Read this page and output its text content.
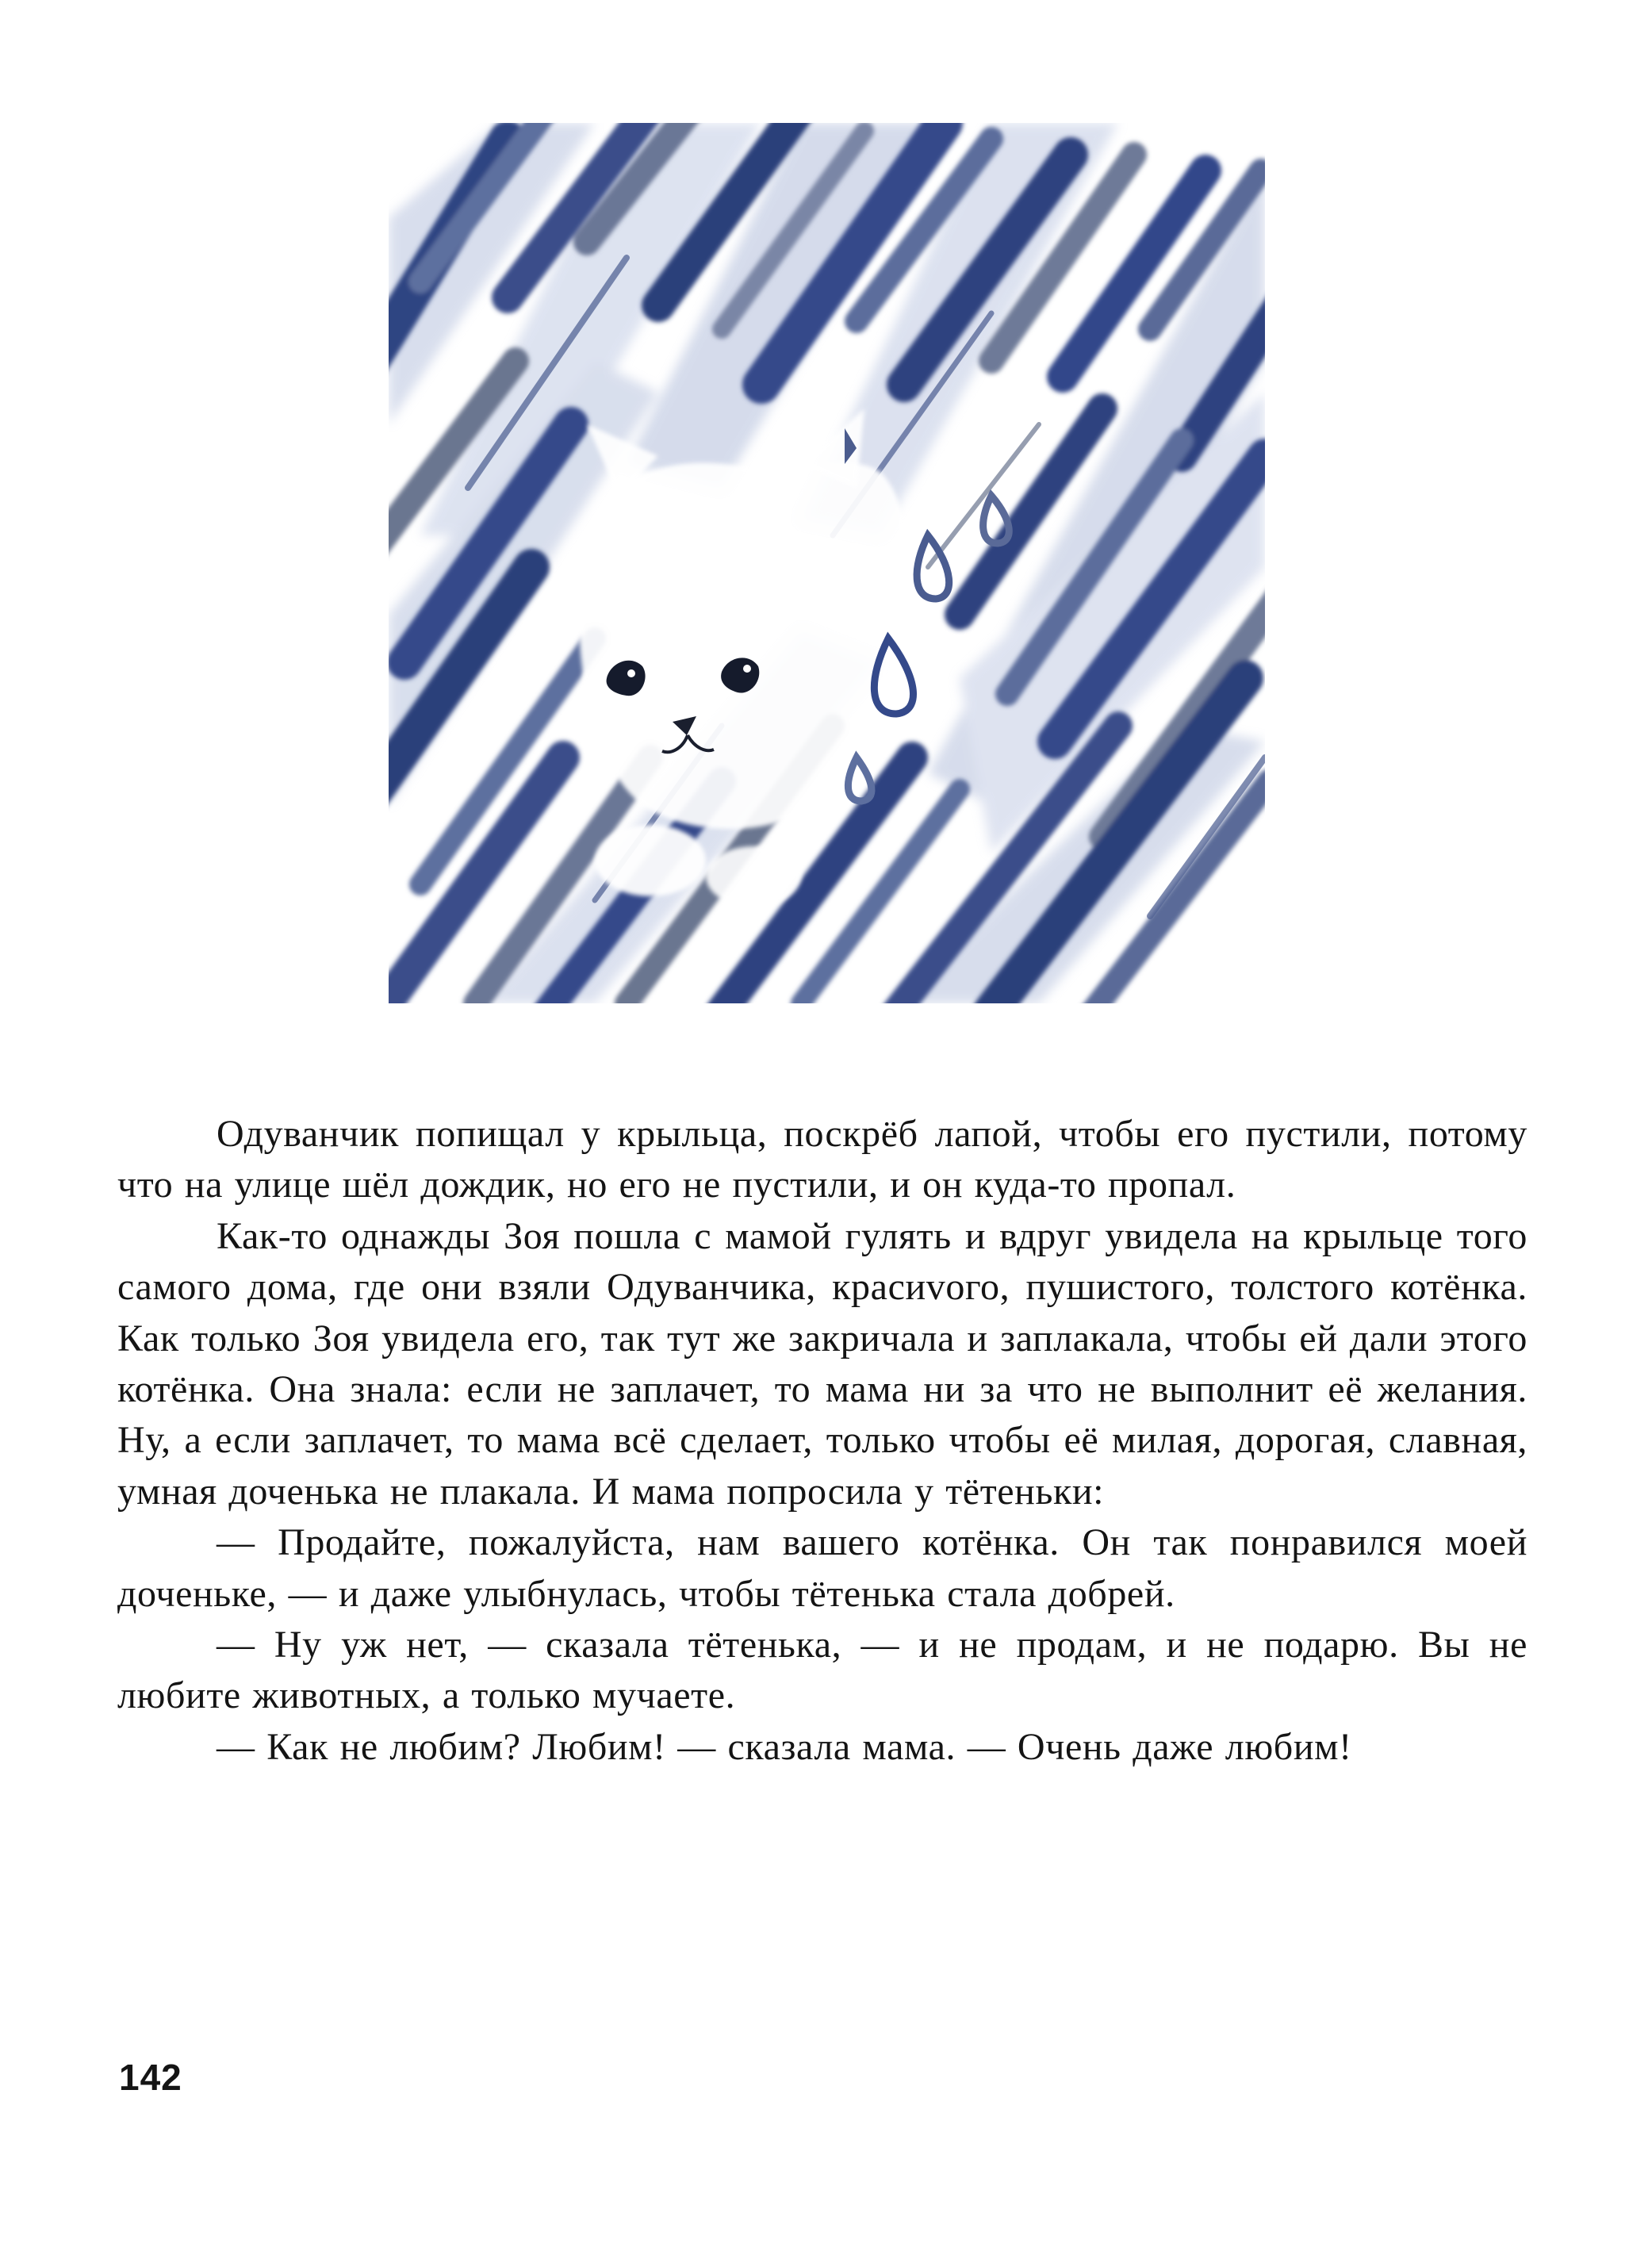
Одуванчик попищал у крыльца, поскрёб лапой, чтобы его пустили, потому что на улице шёл дождик, но его не пустили, и он куда-то пропал.

Как-то однажды Зоя пошла с мамой гулять и вдруг увидела на крыльце того самого дома, где они взяли Одуванчика, красиvого, пушистого, толстого котёнка. Как только Зоя увидела его, так тут же закричала и заплакала, чтобы ей дали этого котёнка. Она знала: если не заплачет, то мама ни за что не выполнит её желания. Ну, а если заплачет, то мама всё сделает, только чтобы её милая, дорогая, славная, умная доченька не плакала. И мама попросила у тётеньки:

— Продайте, пожалуйста, нам вашего котёнка. Он так понравился моей доченьке, — и даже улыбнулась, чтобы тётенька стала добрей.

— Ну уж нет, — сказала тётенька, — и не продам, и не подарю. Вы не любите животных, а только мучаете.

— Как не любим? Любим! — сказала мама. — Очень даже любим!

142
